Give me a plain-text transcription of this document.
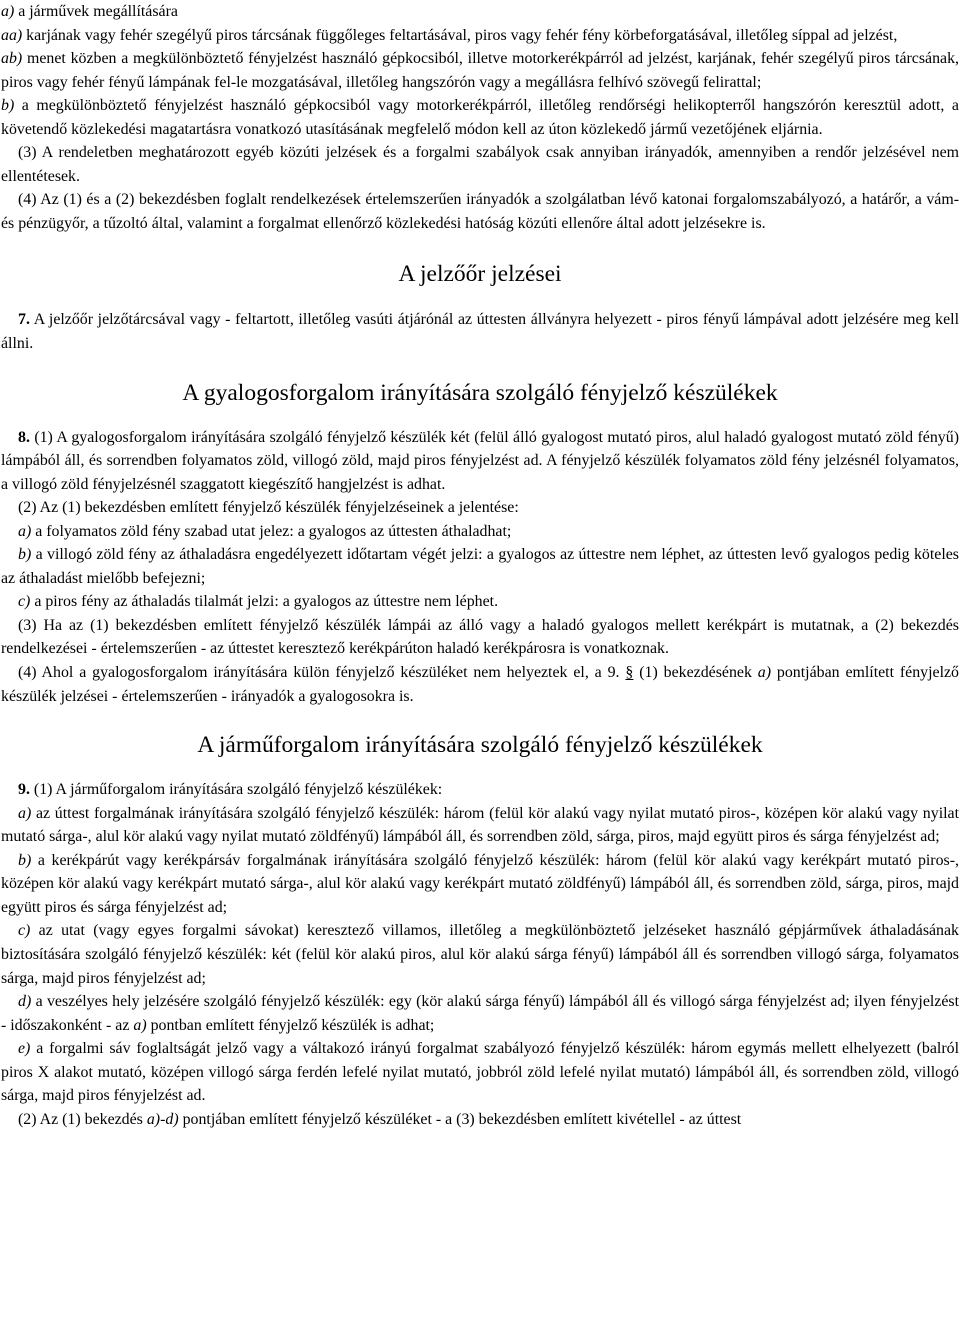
a) a járművek megállítására

aa) karjának vagy fehér szegélyű piros tárcsának függőleges feltartásával, piros vagy fehér fény körbeforgatásával, illetőleg síppal ad jelzést,

ab) menet közben a megkülönböztető fényjelzést használó gépkocsiból, illetve motorkerékpárról ad jelzést, karjának, fehér szegélyű piros tárcsának, piros vagy fehér fényű lámpának fel-le mozgatásával, illetőleg hangszórón vagy a megállásra felhívó szövegű felirattal;

b) a megkülönböztető fényjelzést használó gépkocsiból vagy motorkerékpárról, illetőleg rendőrségi helikopterről hangszórón keresztül adott, a követendő közlekedési magatartásra vonatkozó utasításának megfelelő módon kell az úton közlekedő jármű vezetőjének eljárnia.

(3) A rendeletben meghatározott egyéb közúti jelzések és a forgalmi szabályok csak annyiban irányadók, amennyiben a rendőr jelzésével nem ellentétesek.

(4) Az (1) és a (2) bekezdésben foglalt rendelkezések értelemszerűen irányadók a szolgálatban lévő katonai forgalomszabályozó, a határőr, a vám- és pénzügyőr, a tűzoltó által, valamint a forgalmat ellenőrző közlekedési hatóság közúti ellenőre által adott jelzésekre is.

A jelzőőr jelzései

7. A jelzőőr jelzőtárcsával vagy - feltartott, illetőleg vasúti átjárónál az úttesten állványra helyezett - piros fényű lámpával adott jelzésére meg kell állni.

A gyalogosforgalom irányítására szolgáló fényjelző készülékek

8. (1) A gyalogosforgalom irányítására szolgáló fényjelző készülék két (felül álló gyalogost mutató piros, alul haladó gyalogost mutató zöld fényű) lámpából áll, és sorrendben folyamatos zöld, villogó zöld, majd piros fényjelzést ad. A fényjelző készülék folyamatos zöld fény jelzésnél folyamatos, a villogó zöld fényjelzésnél szaggatott kiegészítő hangjelzést is adhat.

(2) Az (1) bekezdésben említett fényjelző készülék fényjelzéseinek a jelentése:

a) a folyamatos zöld fény szabad utat jelez: a gyalogos az úttesten áthaladhat;

b) a villogó zöld fény az áthaladásra engedélyezett időtartam végét jelzi: a gyalogos az úttestre nem léphet, az úttesten levő gyalogos pedig köteles az áthaladást mielőbb befejezni;

c) a piros fény az áthaladás tilalmát jelzi: a gyalogos az úttestre nem léphet.

(3) Ha az (1) bekezdésben említett fényjelző készülék lámpái az álló vagy a haladó gyalogos mellett kerékpárt is mutatnak, a (2) bekezdés rendelkezései - értelemszerűen - az úttestet keresztező kerékpárúton haladó kerékpárosra is vonatkoznak.

(4) Ahol a gyalogosforgalom irányítására külön fényjelző készüléket nem helyeztek el, a 9. § (1) bekezdésének a) pontjában említett fényjelző készülék jelzései - értelemszerűen - irányadók a gyalogosokra is.

A járműforgalom irányítására szolgáló fényjelző készülékek

9. (1) A járműforgalom irányítására szolgáló fényjelző készülékek:

a) az úttest forgalmának irányítására szolgáló fényjelző készülék: három (felül kör alakú vagy nyilat mutató piros-, középen kör alakú vagy nyilat mutató sárga-, alul kör alakú vagy nyilat mutató zöldfényű) lámpából áll, és sorrendben zöld, sárga, piros, majd együtt piros és sárga fényjelzést ad;

b) a kerékpárút vagy kerékpársáv forgalmának irányítására szolgáló fényjelző készülék: három (felül kör alakú vagy kerékpárt mutató piros-, középen kör alakú vagy kerékpárt mutató sárga-, alul kör alakú vagy kerékpárt mutató zöldfényű) lámpából áll, és sorrendben zöld, sárga, piros, majd együtt piros és sárga fényjelzést ad;

c) az utat (vagy egyes forgalmi sávokat) keresztező villamos, illetőleg a megkülönböztető jelzéseket használó gépjárművek áthaladásának biztosítására szolgáló fényjelző készülék: két (felül kör alakú piros, alul kör alakú sárga fényű) lámpából áll és sorrendben villogó sárga, folyamatos sárga, majd piros fényjelzést ad;

d) a veszélyes hely jelzésére szolgáló fényjelző készülék: egy (kör alakú sárga fényű) lámpából áll és villogó sárga fényjelzést ad; ilyen fényjelzést - időszakonként - az a) pontban említett fényjelző készülék is adhat;

e) a forgalmi sáv foglaltságát jelző vagy a váltakozó irányú forgalmat szabályozó fényjelző készülék: három egymás mellett elhelyezett (balról piros X alakot mutató, középen villogó sárga ferdén lefelé nyilat mutató, jobbról zöld lefelé nyilat mutató) lámpából áll, és sorrendben zöld, villogó sárga, majd piros fényjelzést ad.

(2) Az (1) bekezdés a)-d) pontjában említett fényjelző készüléket - a (3) bekezdésben említett kivétellel - az úttest
